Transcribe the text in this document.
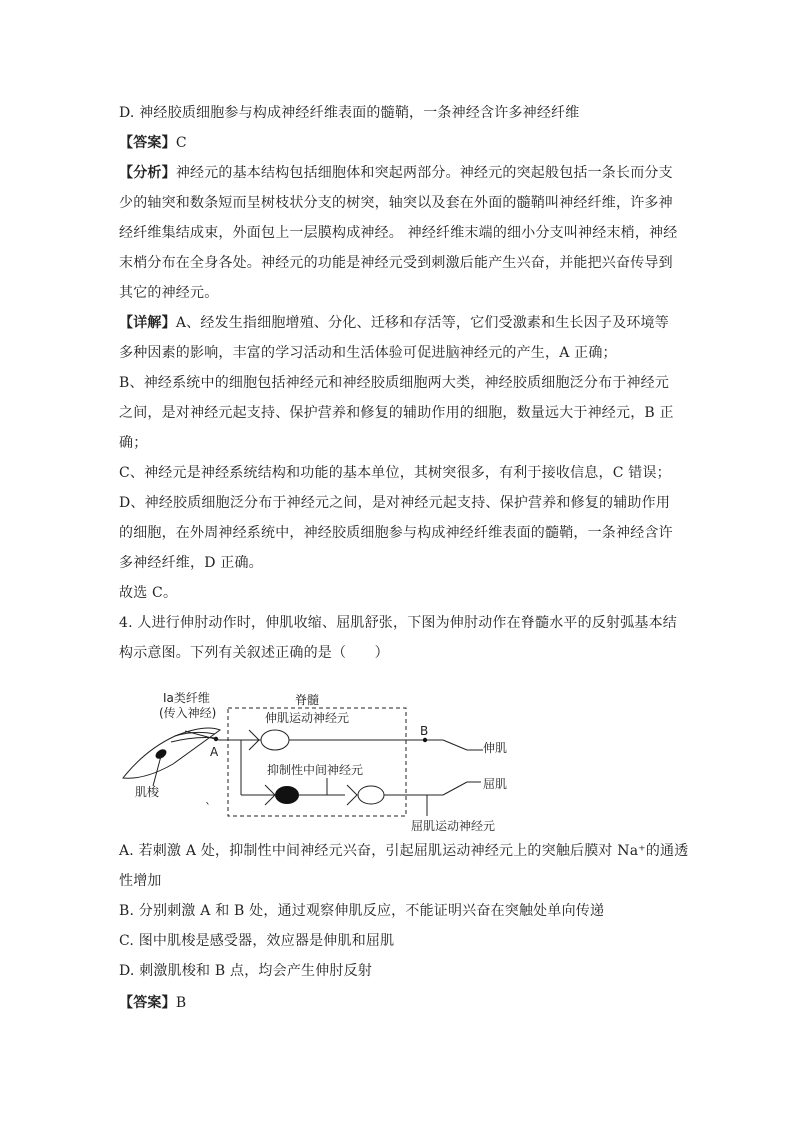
D. 神经胶质细胞参与构成神经纤维表面的髓鞘，一条神经含许多神经纤维
【答案】C
【分析】神经元的基本结构包括细胞体和突起两部分。神经元的突起般包括一条长而分支
少的轴突和数条短而呈树枝状分支的树突，轴突以及套在外面的髓鞘叫神经纤维，许多神
经纤维集结成束，外面包上一层膜构成神经。 神经纤维末端的细小分支叫神经末梢，神经
末梢分布在全身各处。神经元的功能是神经元受到刺激后能产生兴奋，并能把兴奋传导到
其它的神经元。
【详解】A、经发生指细胞增殖、分化、迁移和存活等，它们受激素和生长因子及环境等
多种因素的影响，丰富的学习活动和生活体验可促进脑神经元的产生，A 正确；
B、神经系统中的细胞包括神经元和神经胶质细胞两大类，神经胶质细胞泛分布于神经元
之间，是对神经元起支持、保护营养和修复的辅助作用的细胞，数量远大于神经元，B 正
确；
C、神经元是神经系统结构和功能的基本单位，其树突很多，有利于接收信息，C 错误；
D、神经胶质细胞泛分布于神经元之间，是对神经元起支持、保护营养和修复的辅助作用
的细胞，在外周神经系统中，神经胶质细胞参与构成神经纤维表面的髓鞘，一条神经含许
多神经纤维，D 正确。
故选 C。
4. 人进行伸肘动作时，伸肌收缩、屈肌舒张，下图为伸肘动作在脊髓水平的反射弧基本结
构示意图。下列有关叙述正确的是（　　）
Ia类纤维
(传入神经)
脊髓
伸肌运动神经元
肌梭
A
B
伸肌
抑制性中间神经元
屈肌
屈肌运动神经元
`
A. 若刺激 A 处，抑制性中间神经元兴奋，引起屈肌运动神经元上的突触后膜对 Na⁺的通透
性增加
B. 分别刺激 A 和 B 处，通过观察伸肌反应，不能证明兴奋在突触处单向传递
C. 图中肌梭是感受器，效应器是伸肌和屈肌
D. 刺激肌梭和 B 点，均会产生伸肘反射
【答案】B
